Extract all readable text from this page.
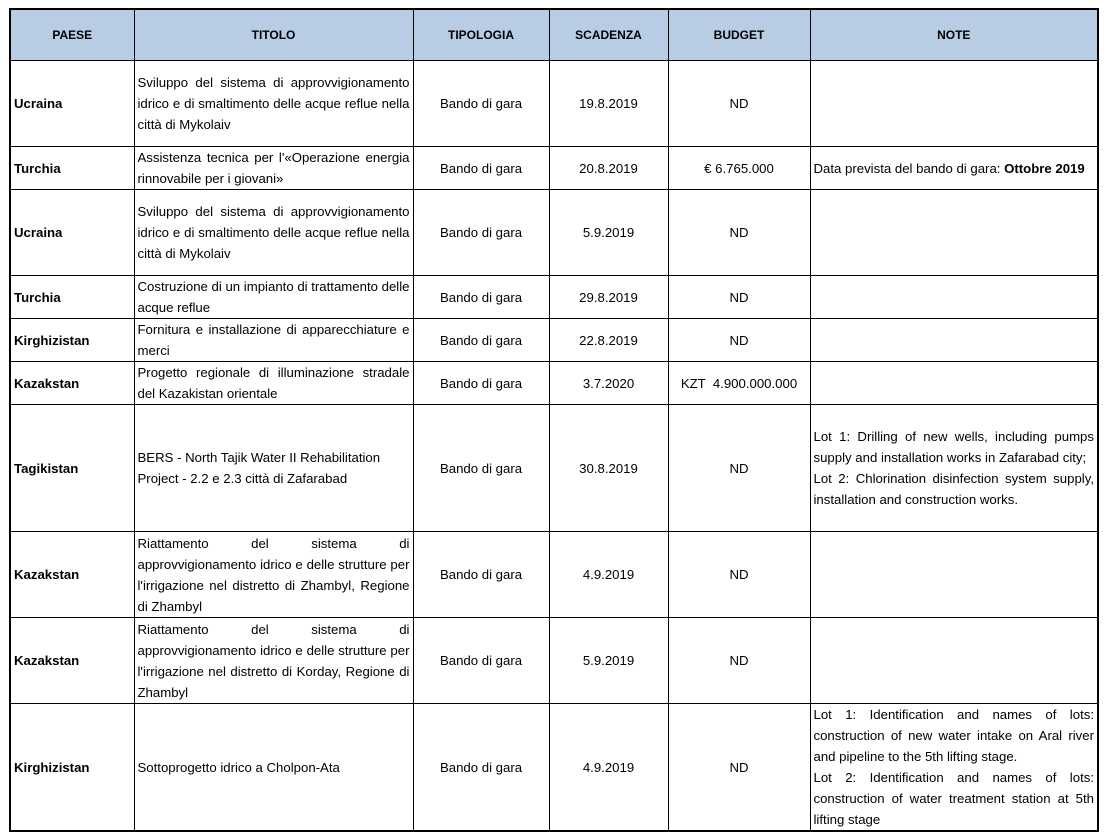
PAESE	TITOLO	TIPOLOGIA	SCADENZA	BUDGET	NOTE
Ucraina	Sviluppo del sistema di approvvigionamento idrico e di smaltimento delle acque reflue nella città di Mykolaiv	Bando di gara	19.8.2019	ND	
Turchia	Assistenza tecnica per l'«Operazione energia rinnovabile per i giovani»	Bando di gara	20.8.2019	€ 6.765.000	Data prevista del bando di gara: Ottobre 2019
Ucraina	Sviluppo del sistema di approvvigionamento idrico e di smaltimento delle acque reflue nella città di Mykolaiv	Bando di gara	5.9.2019	ND	
Turchia	Costruzione di un impianto di trattamento delle acque reflue	Bando di gara	29.8.2019	ND	
Kirghizistan	Fornitura e installazione di apparecchiature e merci	Bando di gara	22.8.2019	ND	
Kazakstan	Progetto regionale di illuminazione stradale del Kazakistan orientale	Bando di gara	3.7.2020	KZT  4.900.000.000	
Tagikistan	BERS - North Tajik Water II Rehabilitation Project - 2.2 e 2.3 città di Zafarabad	Bando di gara	30.8.2019	ND	Lot 1: Drilling of new wells, including pumps supply and installation works in Zafarabad city;
Lot 2: Chlorination disinfection system supply, installation and construction works.
Kazakstan	Riattamento del sistema di approvvigionamento idrico e delle strutture per l'irrigazione nel distretto di Zhambyl, Regione di Zhambyl	Bando di gara	4.9.2019	ND	
Kazakstan	Riattamento del sistema di approvvigionamento idrico e delle strutture per l'irrigazione nel distretto di Korday, Regione di Zhambyl	Bando di gara	5.9.2019	ND	
Kirghizistan	Sottoprogetto idrico a Cholpon-Ata	Bando di gara	4.9.2019	ND	Lot 1: Identification and names of lots: construction of new water intake on Aral river and pipeline to the 5th lifting stage.
Lot 2: Identification and names of lots: construction of water treatment station at 5th lifting stage
